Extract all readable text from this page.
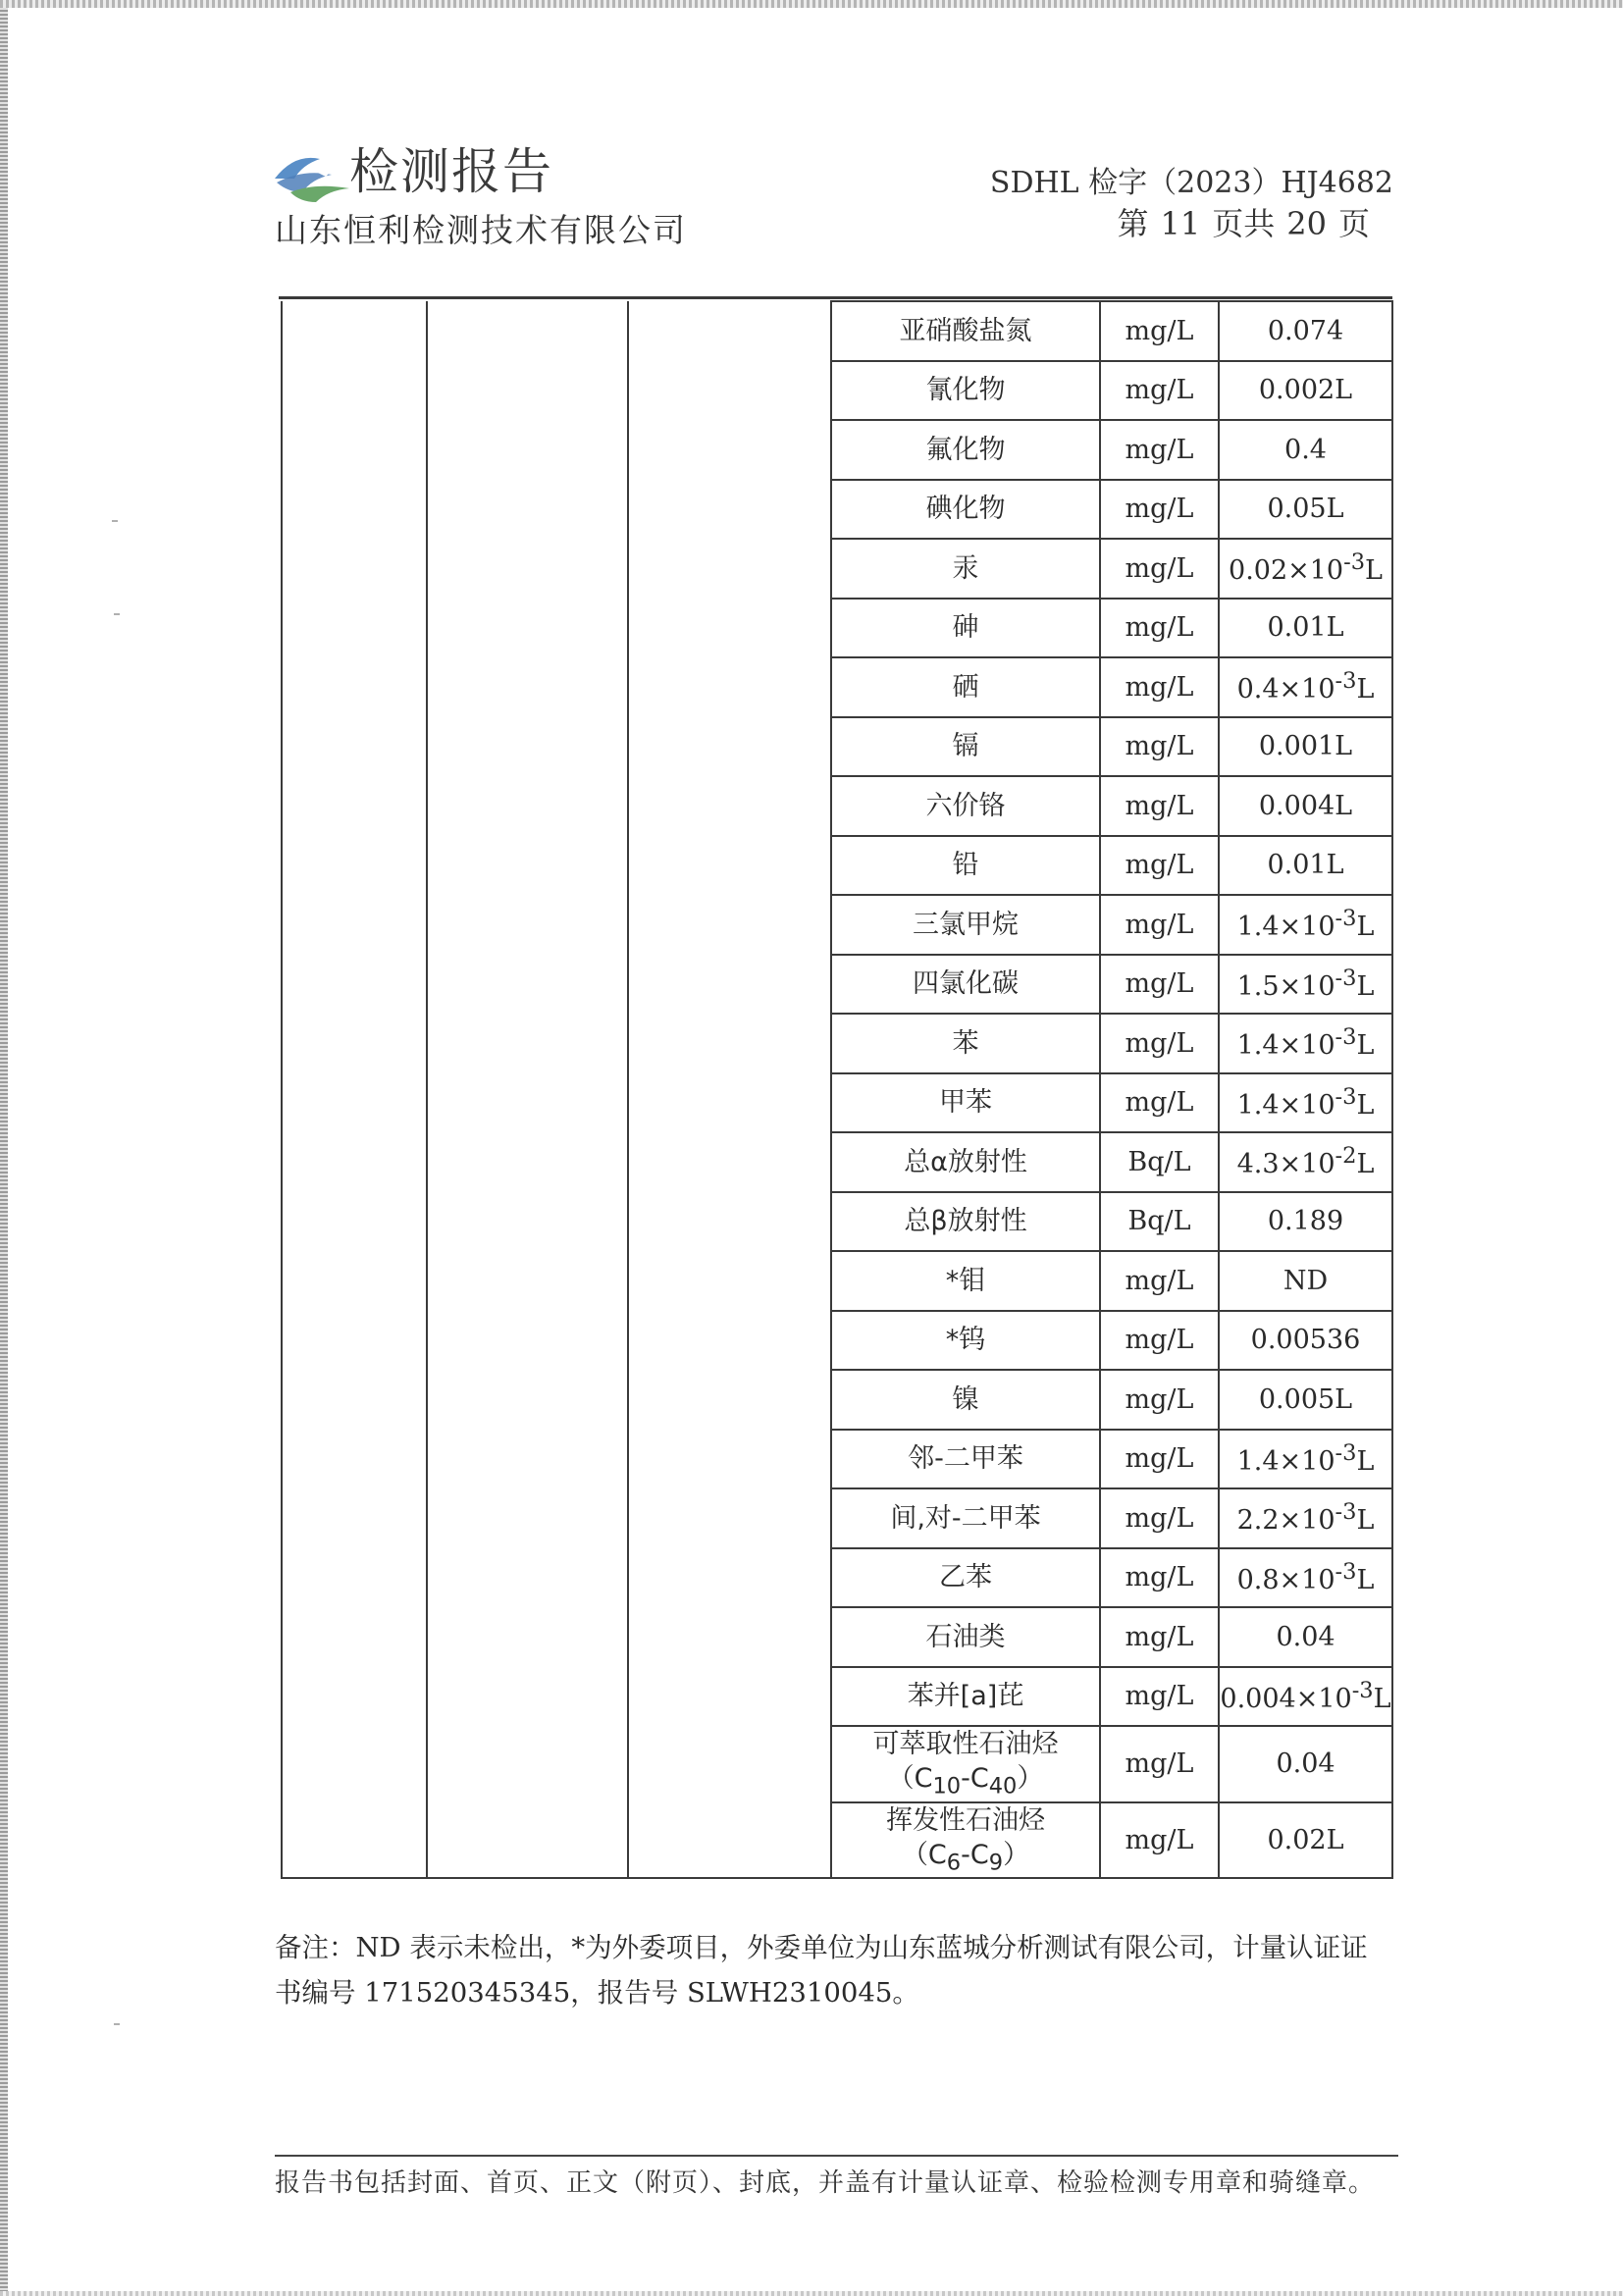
检测报告
山东恒利检测技术有限公司
SDHL 检字（2023）HJ4682
第 11 页共 20 页
			亚硝酸盐氮	mg/L	0.074
			氰化物	mg/L	0.002L
			氟化物	mg/L	0.4
			碘化物	mg/L	0.05L
			汞	mg/L	$0.02\times 10^{-3}L$
			砷	mg/L	0.01L
			硒	mg/L	$0.4\times 10^{-3}L$
			镉	mg/L	0.001L
			六价铬	mg/L	0.004L
			铅	mg/L	0.01L
			三氯甲烷	mg/L	$1.4\times 10^{-3}L$
			四氯化碳	mg/L	$1.5\times 10^{-3}L$
			苯	mg/L	$1.4\times 10^{-3}L$
			甲苯	mg/L	$1.4\times 10^{-3}L$
			总α放射性	Bq/L	$4.3\times 10^{-2}L$
			总β放射性	Bq/L	0.189
			*钼	mg/L	ND
			*钨	mg/L	0.00536
			镍	mg/L	0.005L
			邻-二甲苯	mg/L	$1.4\times 10^{-3}L$
			间,对-二甲苯	mg/L	$2.2\times 10^{-3}L$
			乙苯	mg/L	$0.8\times 10^{-3}L$
			石油类	mg/L	0.04
			苯并[a]芘	mg/L	$0.004\times 10^{-3}L$

			可萃取性石油烃
$(C_{10}-C_{40})$	mg/L	0.04

			挥发性石油烃
$(C_6-C_9)$	mg/L	0.02L
备注：ND 表示未检出，*为外委项目，外委单位为山东蓝城分析测试有限公司，计量认证证书编号 171520345345，报告号 SLWH2310045。
报告书包括封面、首页、正文（附页）、封底，并盖有计量认证章、检验检测专用章和骑缝章。
